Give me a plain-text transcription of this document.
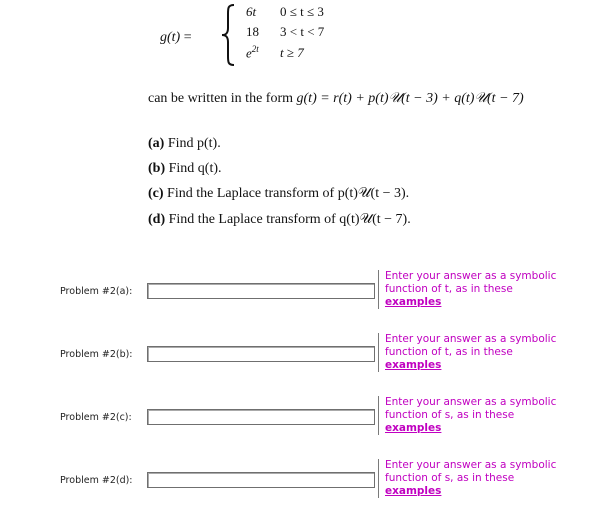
g(t) =
6t 0 ≤ t ≤ 3
18 3 < t < 7
$e^{2t}$ t ≥ 7
can be written in the form g(t) = r(t) + p(t)𝒰(t − 3) + q(t)𝒰(t − 7)
(a) Find p(t).
(b) Find q(t).
(c) Find the Laplace transform of p(t)𝒰(t − 3).
(d) Find the Laplace transform of q(t)𝒰(t − 7).
Problem #2(a):
Enter your answer as a symbolic function of t, as in these
examples
Problem #2(b):
Enter your answer as a symbolic function of t, as in these
examples
Problem #2(c):
Enter your answer as a symbolic function of s, as in these
examples
Problem #2(d):
Enter your answer as a symbolic function of s, as in these
examples
